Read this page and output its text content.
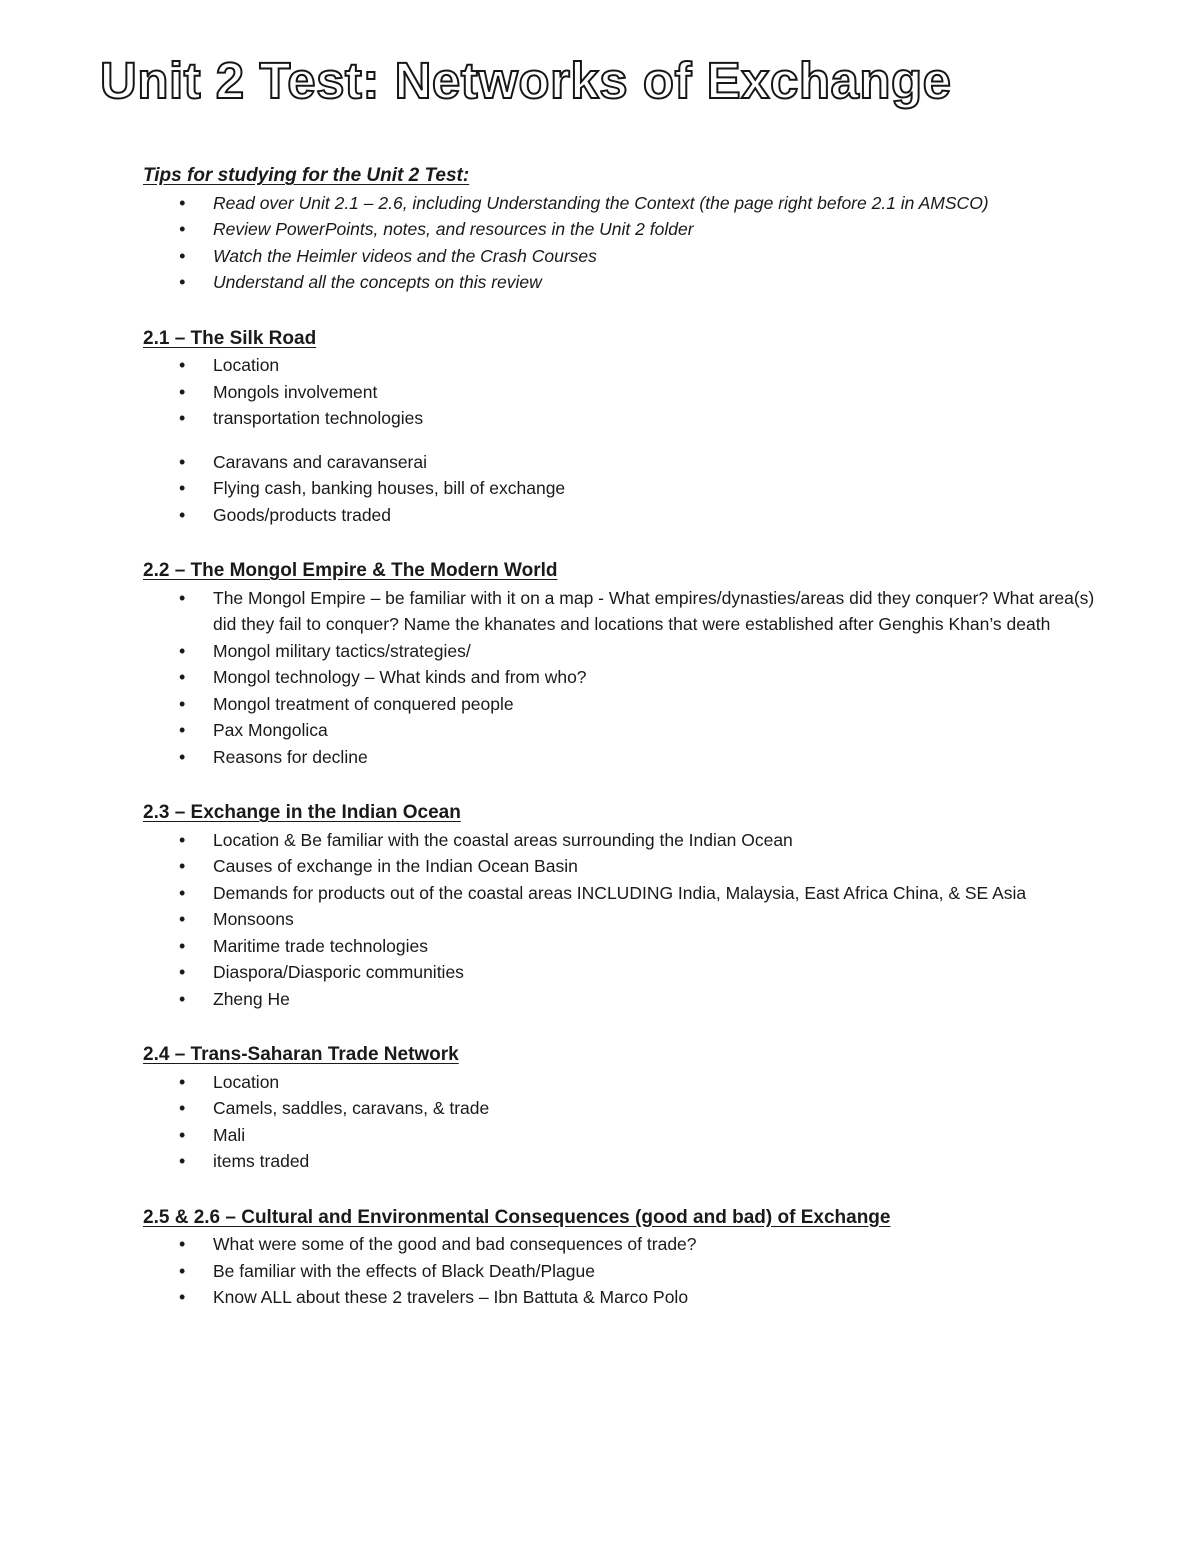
Unit 2 Test: Networks of Exchange
Tips for studying for the Unit 2 Test:
• Read over Unit 2.1 – 2.6, including Understanding the Context (the page right before 2.1 in AMSCO)
• Review PowerPoints, notes, and resources in the Unit 2 folder
• Watch the Heimler videos and the Crash Courses
• Understand all the concepts on this review
2.1 – The Silk Road
• Location
• Mongols involvement
• transportation technologies
• Caravans and caravanserai
• Flying cash, banking houses, bill of exchange
• Goods/products traded
2.2 – The Mongol Empire & The Modern World
• The Mongol Empire – be familiar with it on a map - What empires/dynasties/areas did they conquer? What area(s) did they fail to conquer? Name the khanates and locations that were established after Genghis Khan’s death
• Mongol military tactics/strategies/
• Mongol technology – What kinds and from who?
• Mongol treatment of conquered people
• Pax Mongolica
• Reasons for decline
2.3 – Exchange in the Indian Ocean
• Location & Be familiar with the coastal areas surrounding the Indian Ocean
• Causes of exchange in the Indian Ocean Basin
• Demands for products out of the coastal areas INCLUDING India, Malaysia, East Africa China, & SE Asia
• Monsoons
• Maritime trade technologies
• Diaspora/Diasporic communities
• Zheng He
2.4 – Trans-Saharan Trade Network
• Location
• Camels, saddles, caravans, & trade
• Mali
• items traded
2.5 & 2.6 – Cultural and Environmental Consequences (good and bad) of Exchange
• What were some of the good and bad consequences of trade?
• Be familiar with the effects of Black Death/Plague
• Know ALL about these 2 travelers – Ibn Battuta & Marco Polo
